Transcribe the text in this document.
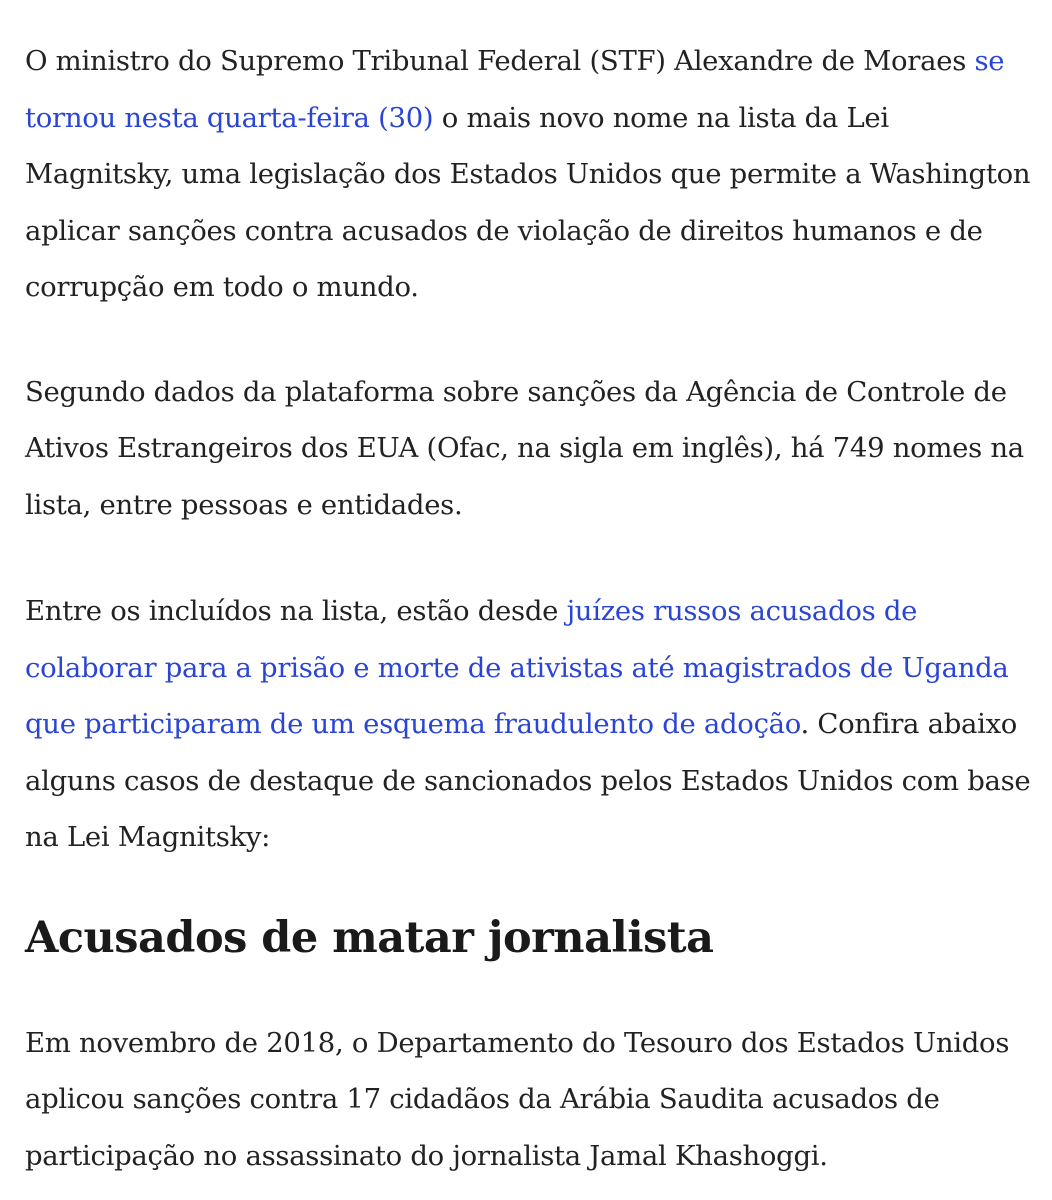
O ministro do Supremo Tribunal Federal (STF) Alexandre de Moraes se tornou nesta quarta-feira (30) o mais novo nome na lista da Lei Magnitsky, uma legislação dos Estados Unidos que permite a Washington aplicar sanções contra acusados de violação de direitos humanos e de corrupção em todo o mundo.

Segundo dados da plataforma sobre sanções da Agência de Controle de Ativos Estrangeiros dos EUA (Ofac, na sigla em inglês), há 749 nomes na lista, entre pessoas e entidades.

Entre os incluídos na lista, estão desde juízes russos acusados de colaborar para a prisão e morte de ativistas até magistrados de Uganda que participaram de um esquema fraudulento de adoção. Confira abaixo alguns casos de destaque de sancionados pelos Estados Unidos com base na Lei Magnitsky:

Acusados de matar jornalista

Em novembro de 2018, o Departamento do Tesouro dos Estados Unidos aplicou sanções contra 17 cidadãos da Arábia Saudita acusados de participação no assassinato do jornalista Jamal Khashoggi.
